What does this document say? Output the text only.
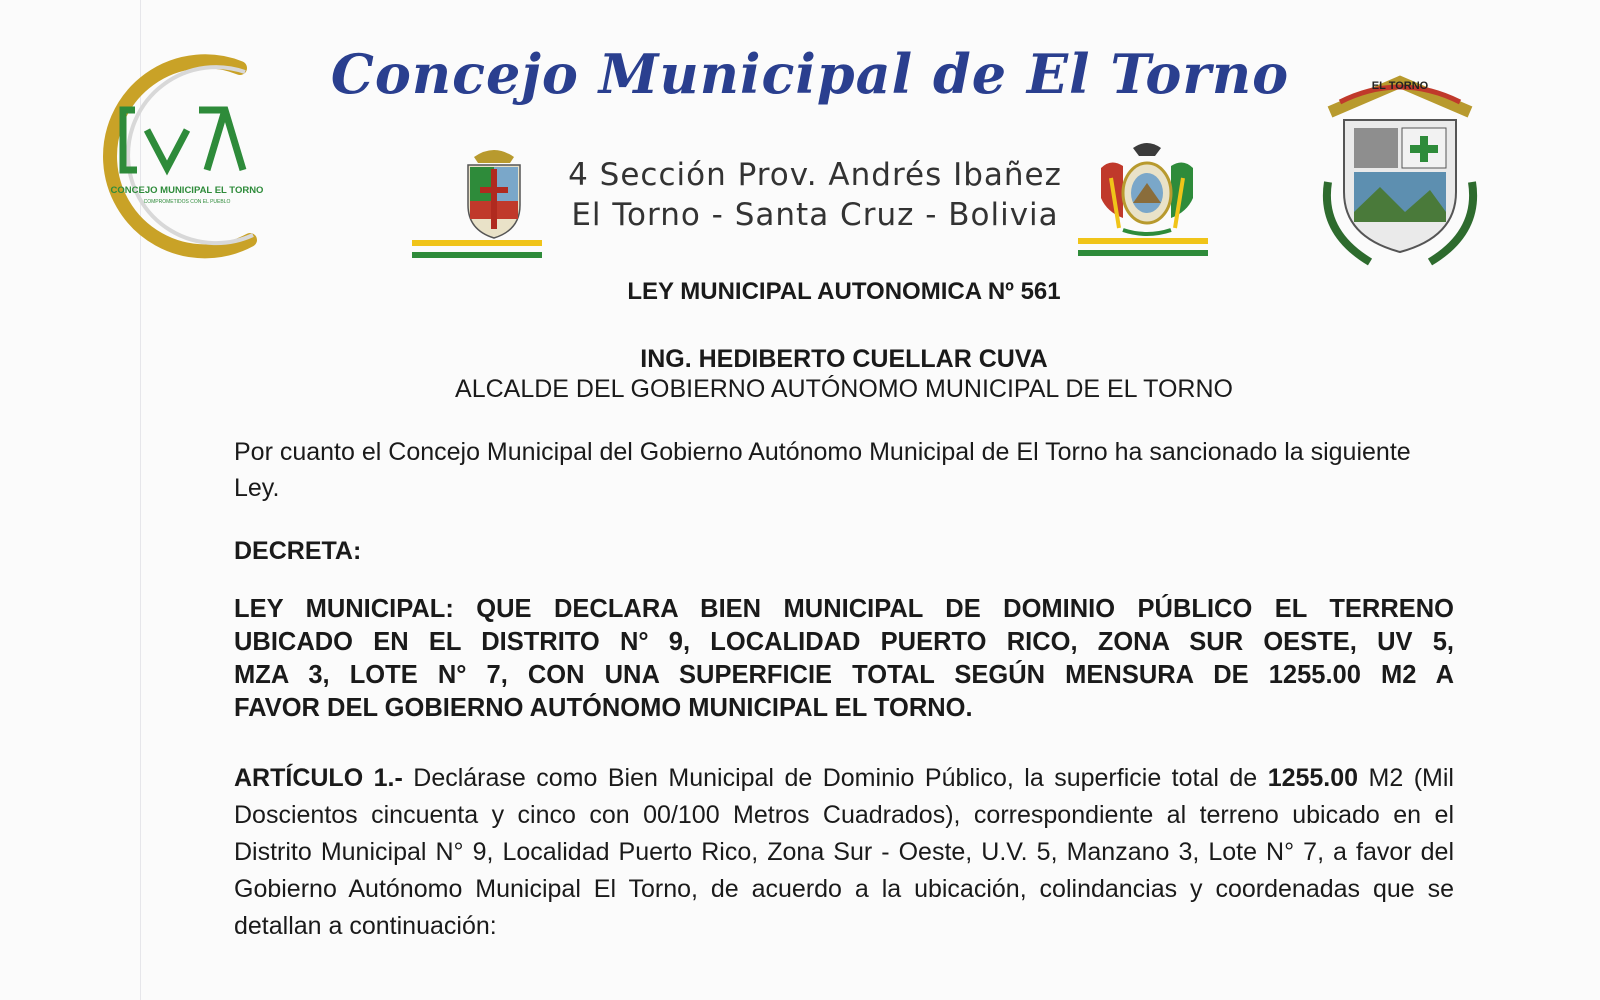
CONCEJO MUNICIPAL EL TORNO
COMPROMETIDOS CON EL PUEBLO
Concejo Municipal de El Torno
4 Sección Prov. Andrés Ibañez
El Torno - Santa Cruz - Bolivia
EL TORNO
LEY MUNICIPAL AUTONOMICA Nº 561
ING. HEDIBERTO CUELLAR CUVA
ALCALDE DEL GOBIERNO AUTÓNOMO MUNICIPAL DE EL TORNO
Por cuanto el Concejo Municipal del Gobierno Autónomo Municipal de El Torno ha sancionado la siguiente Ley.
DECRETA:
LEY MUNICIPAL: QUE DECLARA BIEN MUNICIPAL DE DOMINIO PÚBLICO EL TERRENO
UBICADO EN EL DISTRITO N° 9, LOCALIDAD PUERTO RICO, ZONA SUR OESTE, UV 5,
MZA 3, LOTE N° 7, CON UNA SUPERFICIE TOTAL SEGÚN MENSURA DE 1255.00 M2 A
FAVOR DEL GOBIERNO AUTÓNOMO MUNICIPAL EL TORNO.
ARTÍCULO 1.- Declárase como Bien Municipal de Dominio Público, la superficie total de 1255.00 M2 (Mil Doscientos cincuenta y cinco con 00/100 Metros Cuadrados), correspondiente al terreno ubicado en el Distrito Municipal N° 9, Localidad Puerto Rico, Zona Sur - Oeste, U.V. 5, Manzano 3, Lote N° 7, a favor del Gobierno Autónomo Municipal El Torno, de acuerdo a la ubicación, colindancias y coordenadas que se detallan a continuación:
